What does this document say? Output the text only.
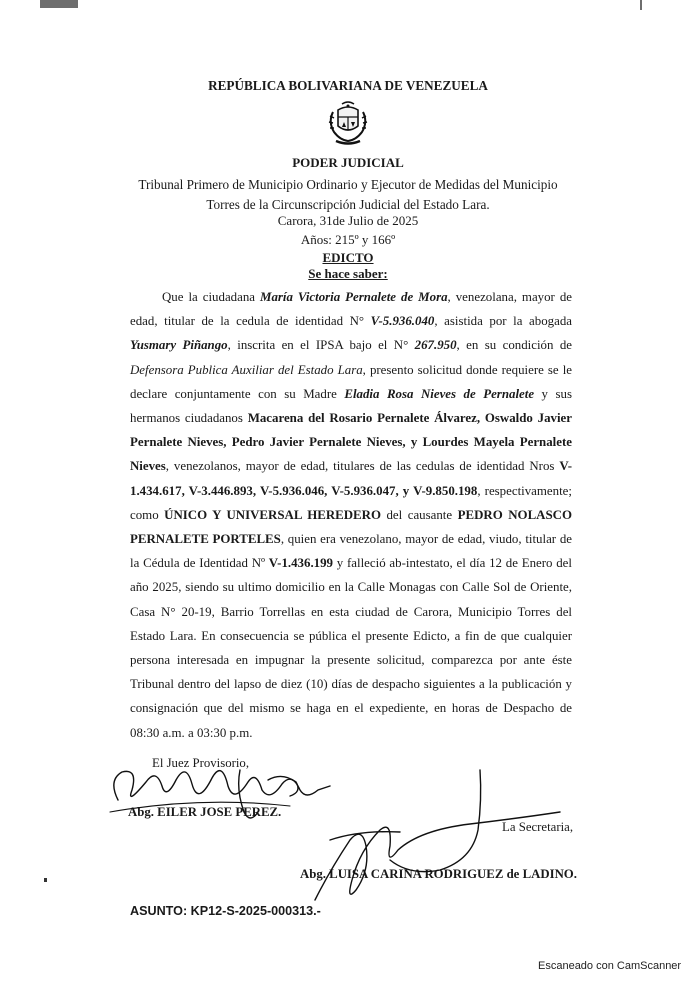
REPÚBLICA BOLIVARIANA DE VENEZUELA
PODER JUDICIAL
Tribunal Primero de Municipio Ordinario y Ejecutor de Medidas del Municipio
Torres de la Circunscripción Judicial del Estado Lara.
Carora, 31de Julio de 2025
Años: 215º y 166º
EDICTO
Se hace saber:
Que la ciudadana María Victoria Pernalete de Mora, venezolana, mayor de edad, titular de la cedula de identidad N° V-5.936.040, asistida por la abogada Yusmary Piñango, inscrita en el IPSA bajo el N° 267.950, en su condición de Defensora Publica Auxiliar del Estado Lara, presento solicitud donde requiere se le declare conjuntamente con su Madre Eladia Rosa Nieves de Pernalete y sus hermanos ciudadanos Macarena del Rosario Pernalete Álvarez, Oswaldo Javier Pernalete Nieves, Pedro Javier Pernalete Nieves, y Lourdes Mayela Pernalete Nieves, venezolanos, mayor de edad, titulares de las cedulas de identidad Nros V-1.434.617, V-3.446.893, V-5.936.046, V-5.936.047, y V-9.850.198, respectivamente; como ÚNICO Y UNIVERSAL HEREDERO del causante PEDRO NOLASCO PERNALETE PORTELES, quien era venezolano, mayor de edad, viudo, titular de la Cédula de Identidad Nº V-1.436.199 y falleció ab-intestato, el día 12 de Enero del año 2025, siendo su ultimo domicilio en la Calle Monagas con Calle Sol de Oriente, Casa N° 20-19, Barrio Torrellas en esta ciudad de Carora, Municipio Torres del Estado Lara. En consecuencia se pública el presente Edicto, a fin de que cualquier persona interesada en impugnar la presente solicitud, comparezca por ante éste Tribunal dentro del lapso de diez (10) días de despacho siguientes a la publicación y consignación que del mismo se haga en el expediente, en horas de Despacho de 08:30 a.m. a 03:30 p.m.
El Juez Provisorio,
Abg. EILER JOSE PEREZ.
La Secretaria,
Abg. LUISA CARINA RODRIGUEZ de LADINO.
ASUNTO: KP12-S-2025-000313.-
Escaneado con CamScanner
